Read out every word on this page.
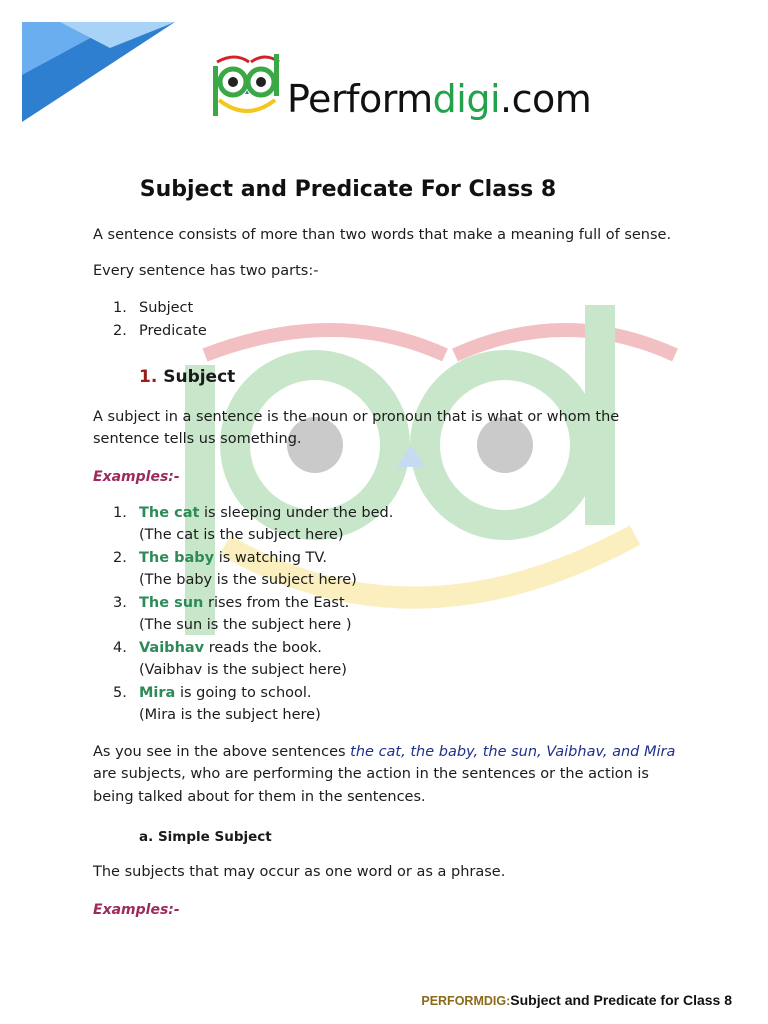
Performdigi.com
Subject and Predicate For Class 8
A sentence consists of more than two words that make a meaning full of sense.
Every sentence has two parts:-
1. Subject
2. Predicate
1. Subject
A subject in a sentence is the noun or pronoun that is what or whom the
sentence tells us something.
Examples:-
1. The cat is sleeping under the bed.
(The cat is the subject here)
2. The baby is watching TV.
(The baby is the subject here)
3. The sun rises from the East.
(The sun is the subject here )
4. Vaibhav reads the book.
(Vaibhav is the subject here)
5. Mira is going to school.
(Mira is the subject here)
As you see in the above sentences the cat, the baby, the sun, Vaibhav, and Mira
are subjects, who are performing the action in the sentences or the action is
being talked about for them in the sentences.
a. Simple Subject
The subjects that may occur as one word or as a phrase.
Examples:-
PERFORMDIG:Subject and Predicate for Class 8
